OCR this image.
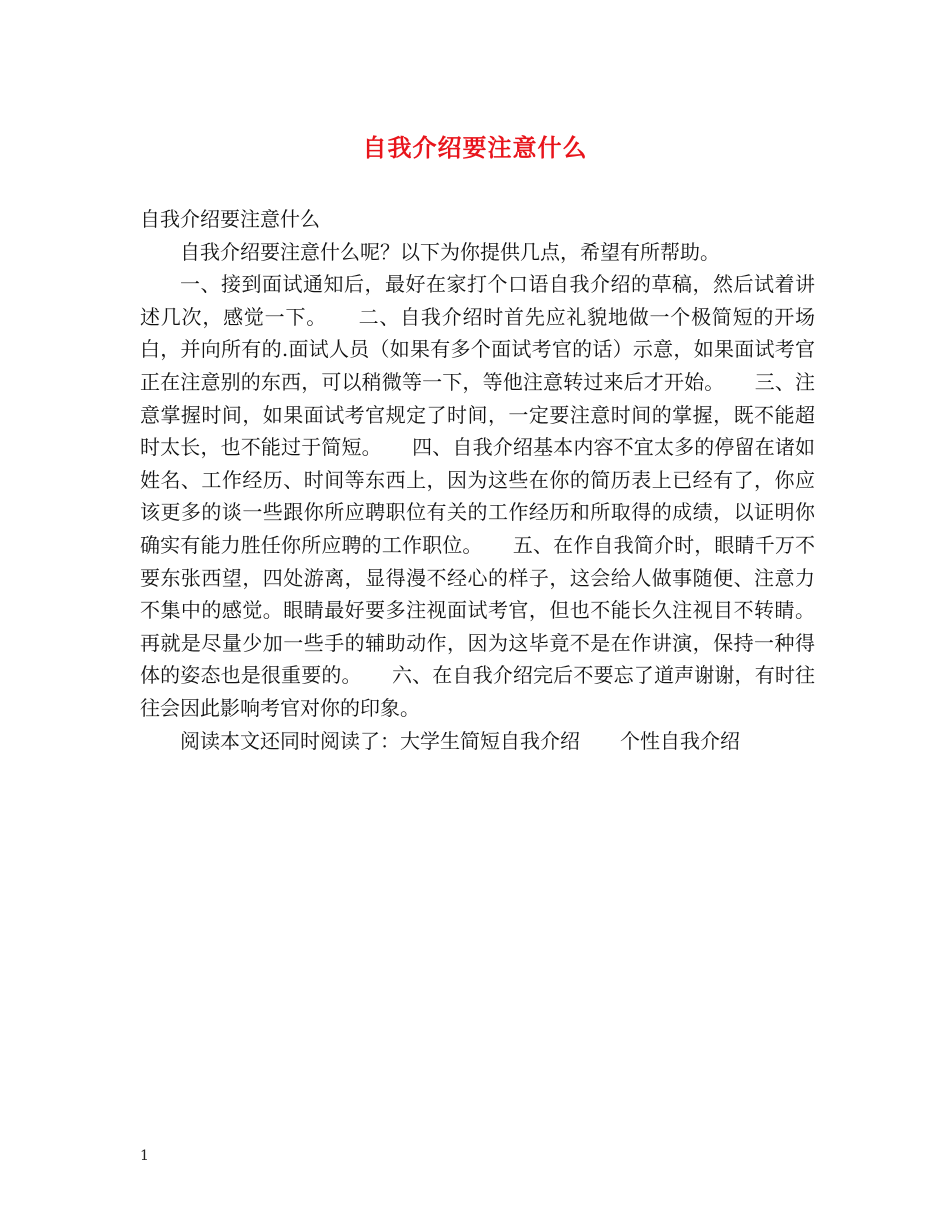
自我介绍要注意什么

自我介绍要注意什么

自我介绍要注意什么呢？以下为你提供几点，希望有所帮助。

一、接到面试通知后，最好在家打个口语自我介绍的草稿，然后试着讲述几次，感觉一下。　　二、自我介绍时首先应礼貌地做一个极简短的开场白，并向所有的.面试人员（如果有多个面试考官的话）示意，如果面试考官正在注意别的东西，可以稍微等一下，等他注意转过来后才开始。　　三、注意掌握时间，如果面试考官规定了时间，一定要注意时间的掌握，既不能超时太长，也不能过于简短。　　四、自我介绍基本内容不宜太多的停留在诸如姓名、工作经历、时间等东西上，因为这些在你的简历表上已经有了，你应该更多的谈一些跟你所应聘职位有关的工作经历和所取得的成绩，以证明你确实有能力胜任你所应聘的工作职位。　　五、在作自我简介时，眼睛千万不要东张西望，四处游离，显得漫不经心的样子，这会给人做事随便、注意力不集中的感觉。眼睛最好要多注视面试考官，但也不能长久注视目不转睛。再就是尽量少加一些手的辅助动作，因为这毕竟不是在作讲演，保持一种得体的姿态也是很重要的。　　六、在自我介绍完后不要忘了道声谢谢，有时往往会因此影响考官对你的印象。

阅读本文还同时阅读了：大学生简短自我介绍　　个性自我介绍

1
